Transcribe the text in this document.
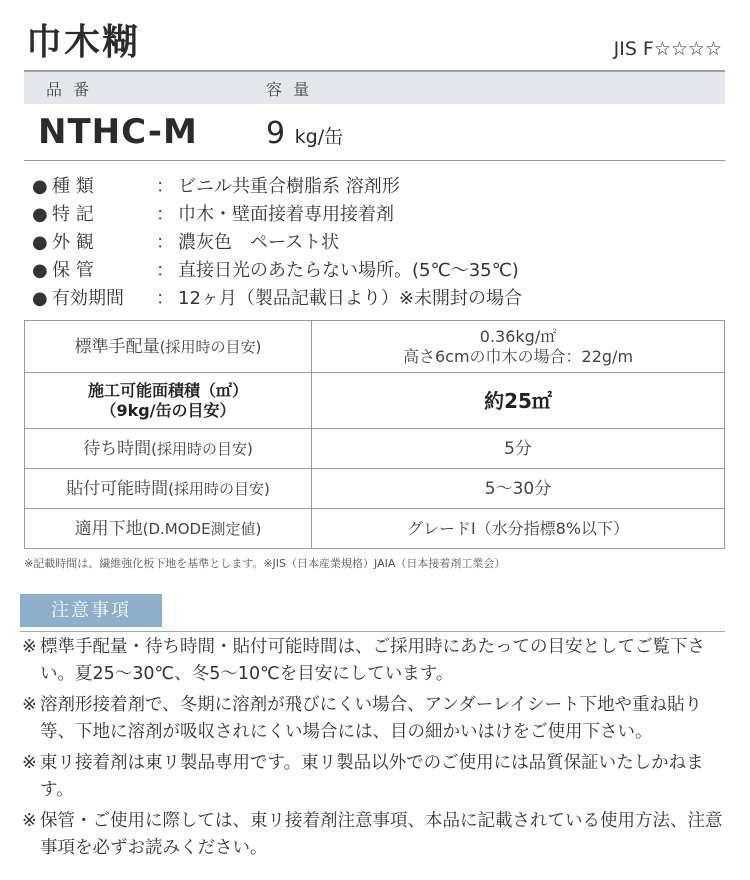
巾木糊	JIS F☆☆☆☆
品 番	容 量
NTHC-M 9 kg/缶
● 種 類	： ビニル共重合樹脂系 溶剤形
● 特 記	： 巾木・壁面接着専用接着剤
● 外 観	： 濃灰色　ペースト状
● 保 管	： 直接日光のあたらない場所。(5℃～35℃)
● 有効期間 ： 12ヶ月（製品記載日より）※未開封の場合
標準手配量(採用時の目安)	0.36kg/㎡
高さ6cmの巾木の場合：22g/m

施工可能面積積（㎡）
（9kg/缶の目安）	約25㎡
待ち時間(採用時の目安)	5分
貼付可能時間(採用時の目安)	5～30分
適用下地(D.MODE測定値)	グレードⅠ（水分指標8%以下）
※記載時間は、繊維強化板下地を基準とします。※JIS（日本産業規格）JAIA（日本接着剤工業会）
注意事項
※ 標準手配量・待ち時間・貼付可能時間は、ご採用時にあたっての目安としてご覧下さい。夏25～30℃、冬5～10℃を目安にしています。
※ 溶剤形接着剤で、冬期に溶剤が飛びにくい場合、アンダーレイシート下地や重ね貼り等、下地に溶剤が吸収されにくい場合には、目の細かいはけをご使用下さい。
※ 東リ接着剤は東リ製品専用です。東リ製品以外でのご使用には品質保証いたしかねます。
※ 保管・ご使用に際しては、東リ接着剤注意事項、本品に記載されている使用方法、注意事項を必ずお読みください。
